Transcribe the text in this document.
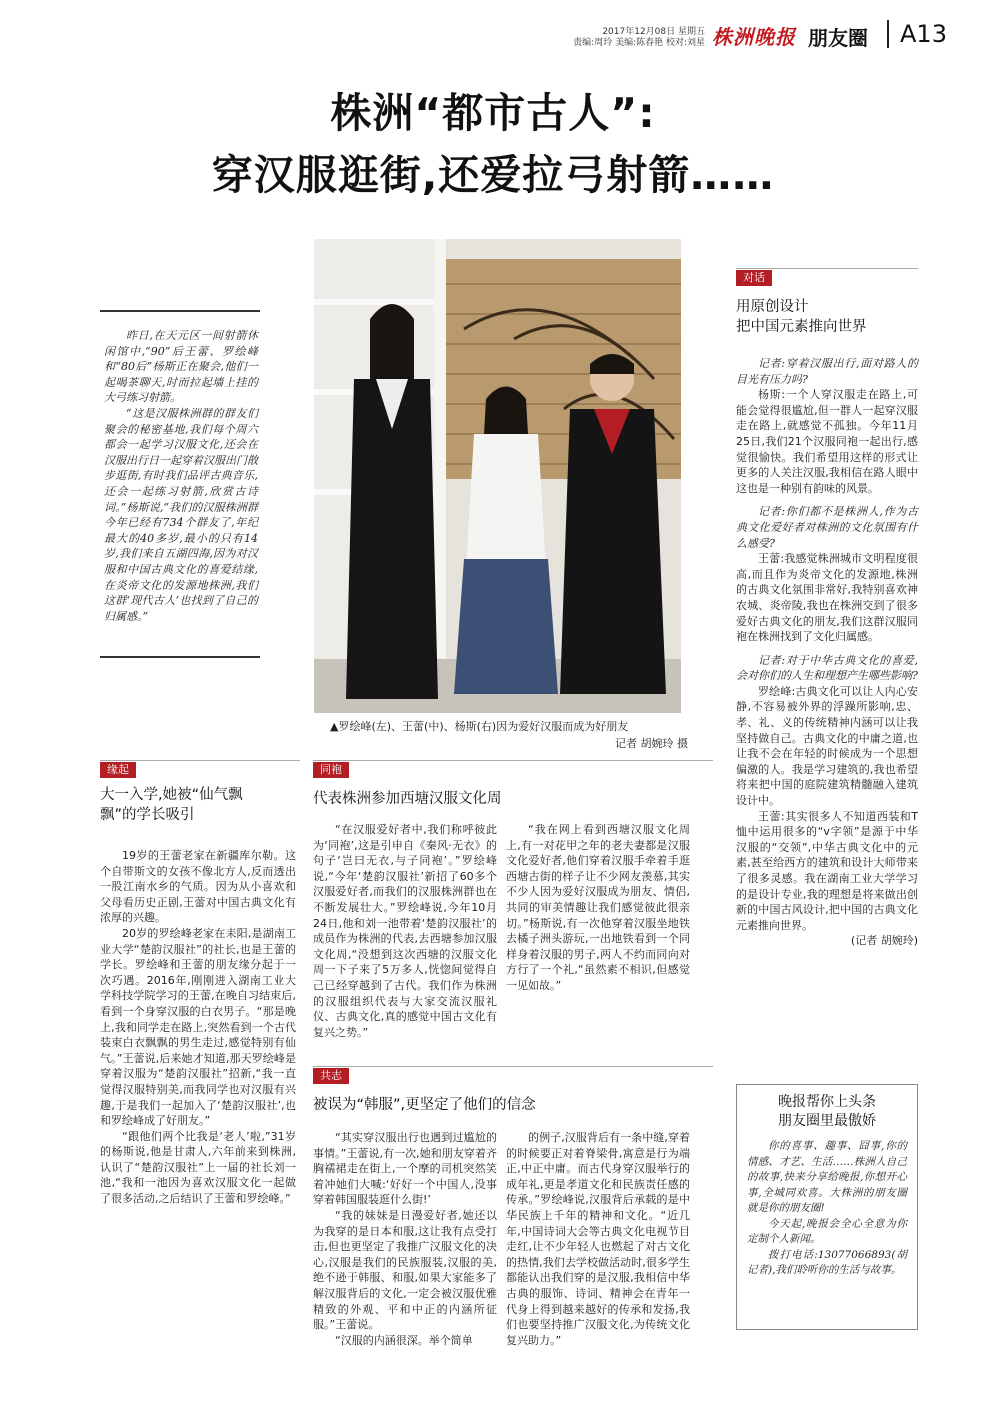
2017年12月08日 星期五
责编:周玲 美编:陈春艳 校对:刘星 株洲晚报 朋友圈 A13
株洲“都市古人”:
穿汉服逛街,还爱拉弓射箭……
▲罗绘峰(左)、王蕾(中)、杨斯(右)因为爱好汉服而成为好朋友
记者 胡婉玲 摄

昨日,在天元区一间射箭休闲馆中,“90”后王蕾、罗绘峰和“80后”杨斯正在聚会,他们一起喝茶聊天,时而拉起墙上挂的大弓练习射箭。

“这是汉服株洲群的群友们聚会的秘密基地,我们每个周六都会一起学习汉服文化,还会在汉服出行日一起穿着汉服出门散步逛街,有时我们品评古典音乐,还会一起练习射箭,欣赏古诗词。”杨斯说,“我们的汉服株洲群今年已经有734个群友了,年纪最大的40多岁,最小的只有14岁,我们来自五湖四海,因为对汉服和中国古典文化的喜爱结缘,在炎帝文化的发源地株洲,我们这群‘现代古人’也找到了自己的归属感。”

缘起
大一入学,她被“仙气飘
飘”的学长吸引

19岁的王蕾老家在新疆库尔勒。这个自带斯文的女孩不像北方人,反而透出一股江南水乡的气质。因为从小喜欢和父母看历史正剧,王蕾对中国古典文化有浓厚的兴趣。

20岁的罗绘峰老家在耒阳,是湖南工业大学“楚韵汉服社”的社长,也是王蕾的学长。罗绘峰和王蕾的朋友缘分起于一次巧遇。2016年,刚刚进入湖南工业大学科技学院学习的王蕾,在晚自习结束后,看到一个身穿汉服的白衣男子。“那是晚上,我和同学走在路上,突然看到一个古代装束白衣飘飘的男生走过,感觉特别有仙气。”王蕾说,后来她才知道,那天罗绘峰是穿着汉服为“楚韵汉服社”招新,“我一直觉得汉服特别美,而我同学也对汉服有兴趣,于是我们一起加入了‘楚韵汉服社’,也和罗绘峰成了好朋友。”

“跟他们两个比我是‘老人’啦,”31岁的杨斯说,他是甘肃人,六年前来到株洲,认识了“楚韵汉服社”上一届的社长刘一池,“我和一池因为喜欢汉服文化一起做了很多活动,之后结识了王蕾和罗绘峰。”

同袍
代表株洲参加西塘汉服文化周

“在汉服爱好者中,我们称呼彼此为‘同袍’,这是引申自《秦风·无衣》的句子‘岂曰无衣,与子同袍’。”罗绘峰说,“今年‘楚韵汉服社’新招了60多个汉服爱好者,而我们的汉服株洲群也在不断发展壮大。”罗绘峰说,今年10月24日,他和刘一池带着‘楚韵汉服社’的成员作为株洲的代表,去西塘参加汉服文化周,“没想到这次西塘的汉服文化周一下子来了5万多人,恍惚间觉得自己已经穿越到了古代。我们作为株洲的汉服组织代表与大家交流汉服礼仪、古典文化,真的感觉中国古文化有复兴之势。”

“我在网上看到西塘汉服文化周上,有一对花甲之年的老夫妻都是汉服文化爱好者,他们穿着汉服手牵着手逛西塘古街的样子让不少网友羡慕,其实不少人因为爱好汉服成为朋友、情侣,共同的审美情趣让我们感觉彼此很亲切。”杨斯说,有一次他穿着汉服坐地铁去橘子洲头游玩,一出地铁看到一个同样身着汉服的男子,两人不约而同向对方行了一个礼,“虽然素不相识,但感觉一见如故。”

共志
被误为“韩服”,更坚定了他们的信念

“其实穿汉服出行也遇到过尴尬的事情。”王蕾说,有一次,她和朋友穿着齐胸襦裙走在街上,一个摩的司机突然笑着冲她们大喊:‘好好一个中国人,没事穿着韩国服装逛什么街!’

“我的妹妹是日漫爱好者,她还以为我穿的是日本和服,这让我有点受打击,但也更坚定了我推广汉服文化的决心,汉服是我们的民族服装,汉服的美,绝不逊于韩服、和服,如果大家能多了解汉服背后的文化,一定会被汉服优雅精致的外观、平和中正的内涵所征服。”王蕾说。

“汉服的内涵很深。举个简单

的例子,汉服背后有一条中缝,穿着的时候要正对着脊梁骨,寓意是行为端正,中正中庸。而古代身穿汉服举行的成年礼,更是孝道文化和民族责任感的传承。”罗绘峰说,汉服背后承载的是中华民族上千年的精神和文化。“近几年,中国诗词大会等古典文化电视节目走红,让不少年轻人也燃起了对古文化的热情,我们去学校做活动时,很多学生都能认出我们穿的是汉服,我相信中华古典的服饰、诗词、精神会在青年一代身上得到越来越好的传承和发扬,我们也要坚持推广汉服文化,为传统文化复兴助力。”

对话
用原创设计
把中国元素推向世界

记者:穿着汉服出行,面对路人的目光有压力吗?

杨斯:一个人穿汉服走在路上,可能会觉得很尴尬,但一群人一起穿汉服走在路上,就感觉不孤独。今年11月25日,我们21个汉服同袍一起出行,感觉很愉快。我们希望用这样的形式让更多的人关注汉服,我相信在路人眼中这也是一种别有韵味的风景。

记者:你们都不是株洲人,作为古典文化爱好者对株洲的文化氛围有什么感受?

王蕾:我感觉株洲城市文明程度很高,而且作为炎帝文化的发源地,株洲的古典文化氛围非常好,我特别喜欢神农城、炎帝陵,我也在株洲交到了很多爱好古典文化的朋友,我们这群汉服同袍在株洲找到了文化归属感。

记者:对于中华古典文化的喜爱,会对你们的人生和理想产生哪些影响?

罗绘峰:古典文化可以让人内心安静,不容易被外界的浮躁所影响,忠、孝、礼、义的传统精神内涵可以让我坚持做自己。古典文化的中庸之道,也让我不会在年轻的时候成为一个思想偏激的人。我是学习建筑的,我也希望将来把中国的庭院建筑精髓融入建筑设计中。

王蕾:其实很多人不知道西装和T恤中运用很多的“v字领”是源于中华汉服的“交领”,中华古典文化中的元素,甚至给西方的建筑和设计大师带来了很多灵感。我在湖南工业大学学习的是设计专业,我的理想是将来做出创新的中国古风设计,把中国的古典文化元素推向世界。

(记者 胡婉玲)

晚报帮你上头条
朋友圈里最傲娇

你的喜事、趣事、囧事,你的情感、才艺、生活……株洲人自己的故事,快来分享给晚报,你想开心事,全城同欢喜。大株洲的朋友圈就是你的朋友圈!

今天起,晚报会全心全意为你定制个人新闻。

拨打电话:13077066893(胡记者),我们聆听你的生活与故事。
